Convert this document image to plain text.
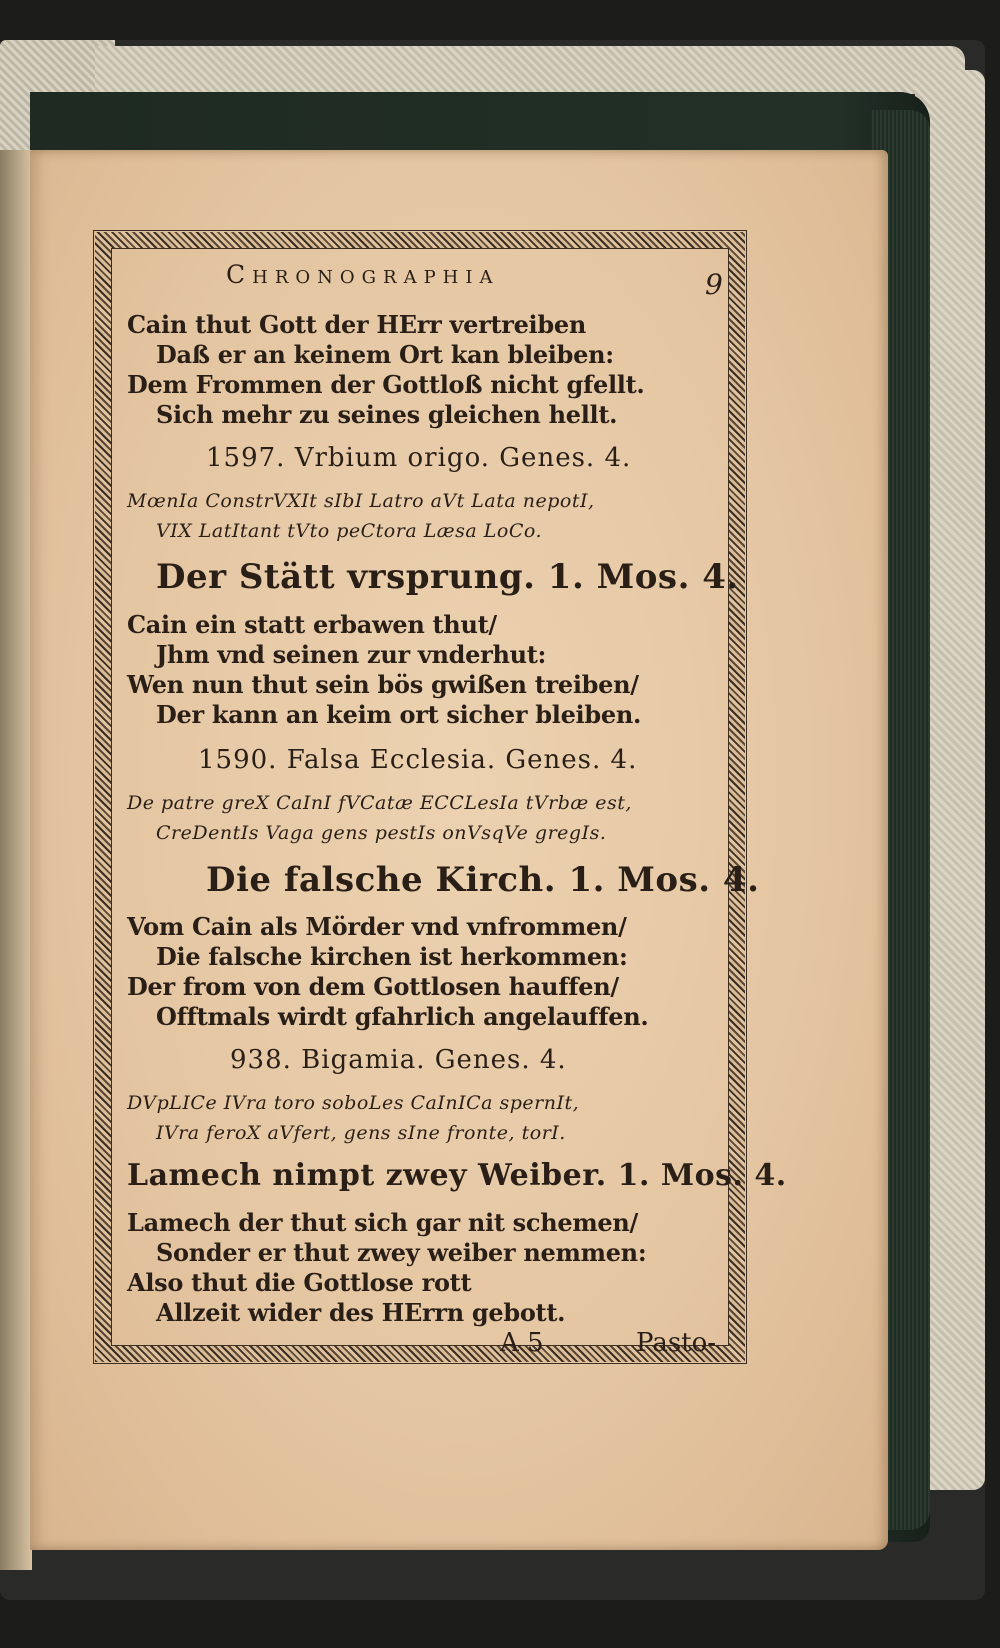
Chronographia	9
Cain thut Gott der HErr vertreiben
Daß er an keinem Ort kan bleiben:
Dem Frommen der Gottloß nicht gfellt.
Sich mehr zu seines gleichen hellt.
1597. Vrbium origo. Genes. 4.
MœnIa ConstrVXIt sIbI Latro aVt Lata nepotI,
VIX LatItant tVto peCtora Læsa LoCo.
Der Stätt vrsprung. 1. Mos. 4.
Cain ein statt erbawen thut/
Jhm vnd seinen zur vnderhut:
Wen nun thut sein bös gwißen treiben/
Der kann an keim ort sicher bleiben.
1590. Falsa Ecclesia. Genes. 4.
De patre greX CaInI fVCatæ ECCLesIa tVrbæ est,
CreDentIs Vaga gens pestIs onVsqVe gregIs.
Die falsche Kirch. 1. Mos. 4.
Vom Cain als Mörder vnd vnfrommen/
Die falsche kirchen ist herkommen:
Der from von dem Gottlosen hauffen/
Offtmals wirdt gfahrlich angelauffen.
938. Bigamia. Genes. 4.
DVpLICe IVra toro soboLes CaInICa spernIt,
IVra feroX aVfert, gens sIne fronte, torI.
Lamech nimpt zwey Weiber. 1. Mos. 4.
Lamech der thut sich gar nit schemen/
Sonder er thut zwey weiber nemmen:
Also thut die Gottlose rott
Allzeit wider des HErrn gebott.
A 5	Pasto-
